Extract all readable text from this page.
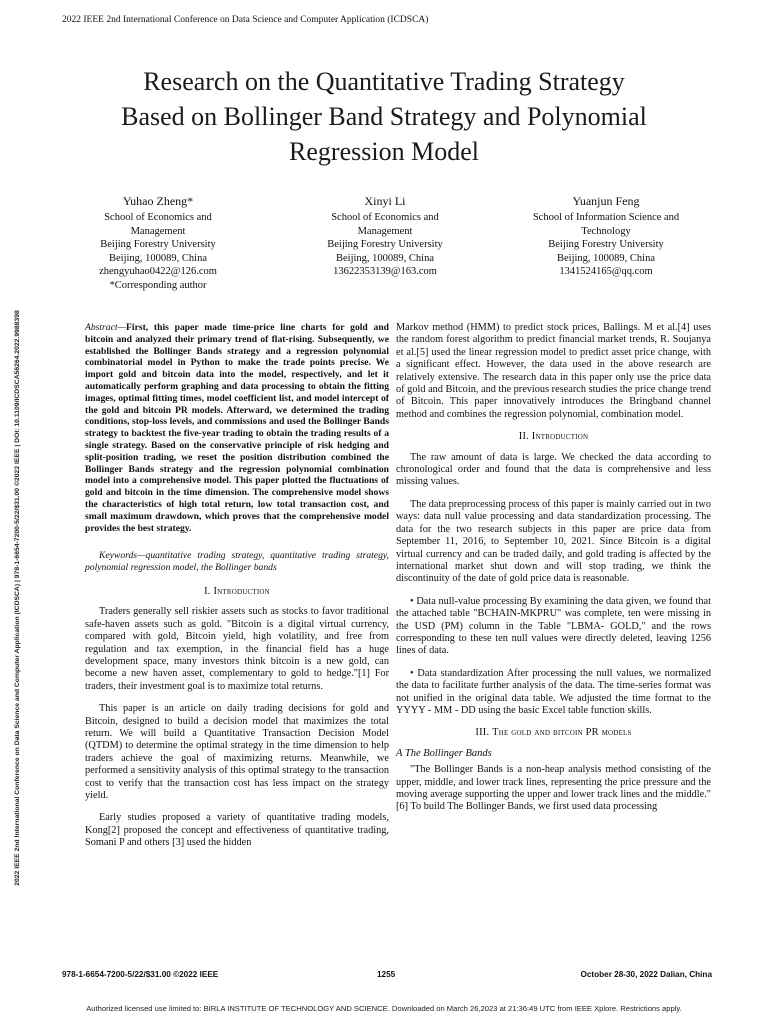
2022 IEEE 2nd International Conference on Data Science and Computer Application (ICDSCA)
Research on the Quantitative Trading Strategy
Based on Bollinger Band Strategy and Polynomial
Regression Model
Yuhao Zheng*
School of Economics and
Management
Beijing Forestry University
Beijing, 100089, China
zhengyuhao0422@126.com
*Corresponding author
Xinyi Li
School of Economics and
Management
Beijing Forestry University
Beijing, 100089, China
13622353139@163.com
Yuanjun Feng
School of Information Science and
Technology
Beijing Forestry University
Beijing, 100089, China
1341524165@qq.com
2022 IEEE 2nd International Conference on Data Science and Computer Application (ICDSCA) | 978-1-6654-7200-5/22/$31.00 ©2022 IEEE | DOI: 10.1109/ICDSCA56264.2022.9988398	Abstract—First, this paper made time-price line charts for gold and bitcoin and analyzed their primary trend of flat-rising. Subsequently, we established the Bollinger Bands strategy and a regression polynomial combinatorial model in Python to make the trade points precise. We import gold and bitcoin data into the model, respectively, and let it automatically perform graphing and data processing to obtain the fitting images, optimal fitting times, model coefficient list, and model intercept of the gold and bitcoin PR models. Afterward, we determined the trading conditions, stop-loss levels, and commissions and used the Bollinger Bands strategy to backtest the five-year trading to obtain the trading results of a single strategy. Based on the conservative principle of risk hedging and split-position trading, we reset the position distribution combined the Bollinger Bands strategy and the regression polynomial combination model into a comprehensive model. This paper plotted the fluctuations of gold and bitcoin in the time dimension. The comprehensive model shows the characteristics of high total return, low total transaction cost, and small maximum drawdown, which proves that the comprehensive model provides the best strategy.
Keywords—quantitative trading strategy, quantitative trading strategy, polynomial regression model, the Bollinger bands
I. Introduction
Traders generally sell riskier assets such as stocks to favor traditional safe-haven assets such as gold. "Bitcoin is a digital virtual currency, compared with gold, Bitcoin yield, high volatility, and free from regulation and tax exemption, in the financial field has a huge development space, many investors think bitcoin is a new gold, can become a new haven asset, complementary to gold to hedge."[1] For traders, their investment goal is to maximize total returns.
This paper is an article on daily trading decisions for gold and Bitcoin, designed to build a decision model that maximizes the total return. We will build a Quantitative Transaction Decision Model (QTDM) to determine the optimal strategy in the time dimension to help traders achieve the goal of maximizing returns. Meanwhile, we performed a sensitivity analysis of this optimal strategy to the transaction cost to verify that the transaction cost has less impact on the strategy yield.
Early studies proposed a variety of quantitative trading models, Kong[2] proposed the concept and effectiveness of quantitative trading, Somani P and others [3] used the hidden
Markov method (HMM) to predict stock prices, Ballings. M et al.[4] uses the random forest algorithm to predict financial market trends, R. Soujanya et al.[5] used the linear regression model to predict asset price change, with a significant effect. However, the data used in the above research are relatively extensive. The research data in this paper only use the price data of gold and Bitcoin, and the previous research studies the price change trend of Bitcoin. This paper innovatively introduces the Bringband channel method and combines the regression polynomial, combination model.
II. Introduction
The raw amount of data is large. We checked the data according to chronological order and found that the data is comprehensive and less missing values.
The data preprocessing process of this paper is mainly carried out in two ways: data null value processing and data standardization processing. The data for the two research subjects in this paper are price data from September 11, 2016, to September 10, 2021. Since Bitcoin is a digital virtual currency and can be traded daily, and gold trading is affected by the international market shut down and will stop trading, we think the discontinuity of the date of gold price data is reasonable.
• Data null-value processing By examining the data given, we found that the attached table "BCHAIN-MKPRU" was complete, ten were missing in the USD (PM) column in the Table "LBMA- GOLD," and the rows corresponding to these ten null values were directly deleted, leaving 1256 lines of data.
• Data standardization After processing the null values, we normalized the data to facilitate further analysis of the data. The time-series format was not unified in the original data table. We adjusted the time format to the YYYY - MM - DD using the basic Excel table function skills.
III. The gold and bitcoin PR models
A The Bollinger Bands
"The Bollinger Bands is a non-heap analysis method consisting of the upper, middle, and lower track lines, representing the price pressure and the moving average supporting the upper and lower track lines and the middle."[6] To build The Bollinger Bands, we first used data processing
978-1-6654-7200-5/22/$31.00 ©2022 IEEE	1255	October 28-30, 2022 Dalian, China
Authorized licensed use limited to: BIRLA INSTITUTE OF TECHNOLOGY AND SCIENCE. Downloaded on March 26,2023 at 21:36:49 UTC from IEEE Xplore. Restrictions apply.
